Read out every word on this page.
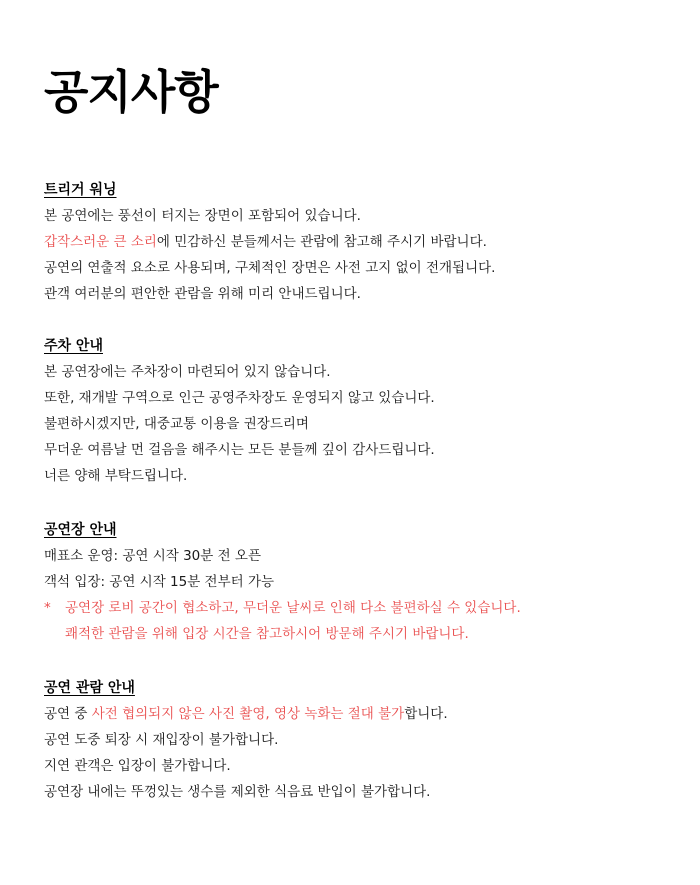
공지사항
트리거 워닝
본 공연에는 풍선이 터지는 장면이 포함되어 있습니다.
갑작스러운 큰 소리에 민감하신 분들께서는 관람에 참고해 주시기 바랍니다.
공연의 연출적 요소로 사용되며, 구체적인 장면은 사전 고지 없이 전개됩니다.
관객 여러분의 편안한 관람을 위해 미리 안내드립니다.
주차 안내
본 공연장에는 주차장이 마련되어 있지 않습니다.
또한, 재개발 구역으로 인근 공영주차장도 운영되지 않고 있습니다.
불편하시겠지만, 대중교통 이용을 권장드리며
무더운 여름날 먼 걸음을 해주시는 모든 분들께 깊이 감사드립니다.
너른 양해 부탁드립니다.
공연장 안내
매표소 운영: 공연 시작 30분 전 오픈
객석 입장: 공연 시작 15분 전부터 가능
* 공연장 로비 공간이 협소하고, 무더운 날씨로 인해 다소 불편하실 수 있습니다.
쾌적한 관람을 위해 입장 시간을 참고하시어 방문해 주시기 바랍니다.
공연 관람 안내
공연 중 사전 협의되지 않은 사진 촬영, 영상 녹화는 절대 불가합니다.
공연 도중 퇴장 시 재입장이 불가합니다.
지연 관객은 입장이 불가합니다.
공연장 내에는 뚜껑있는 생수를 제외한 식음료 반입이 불가합니다.
